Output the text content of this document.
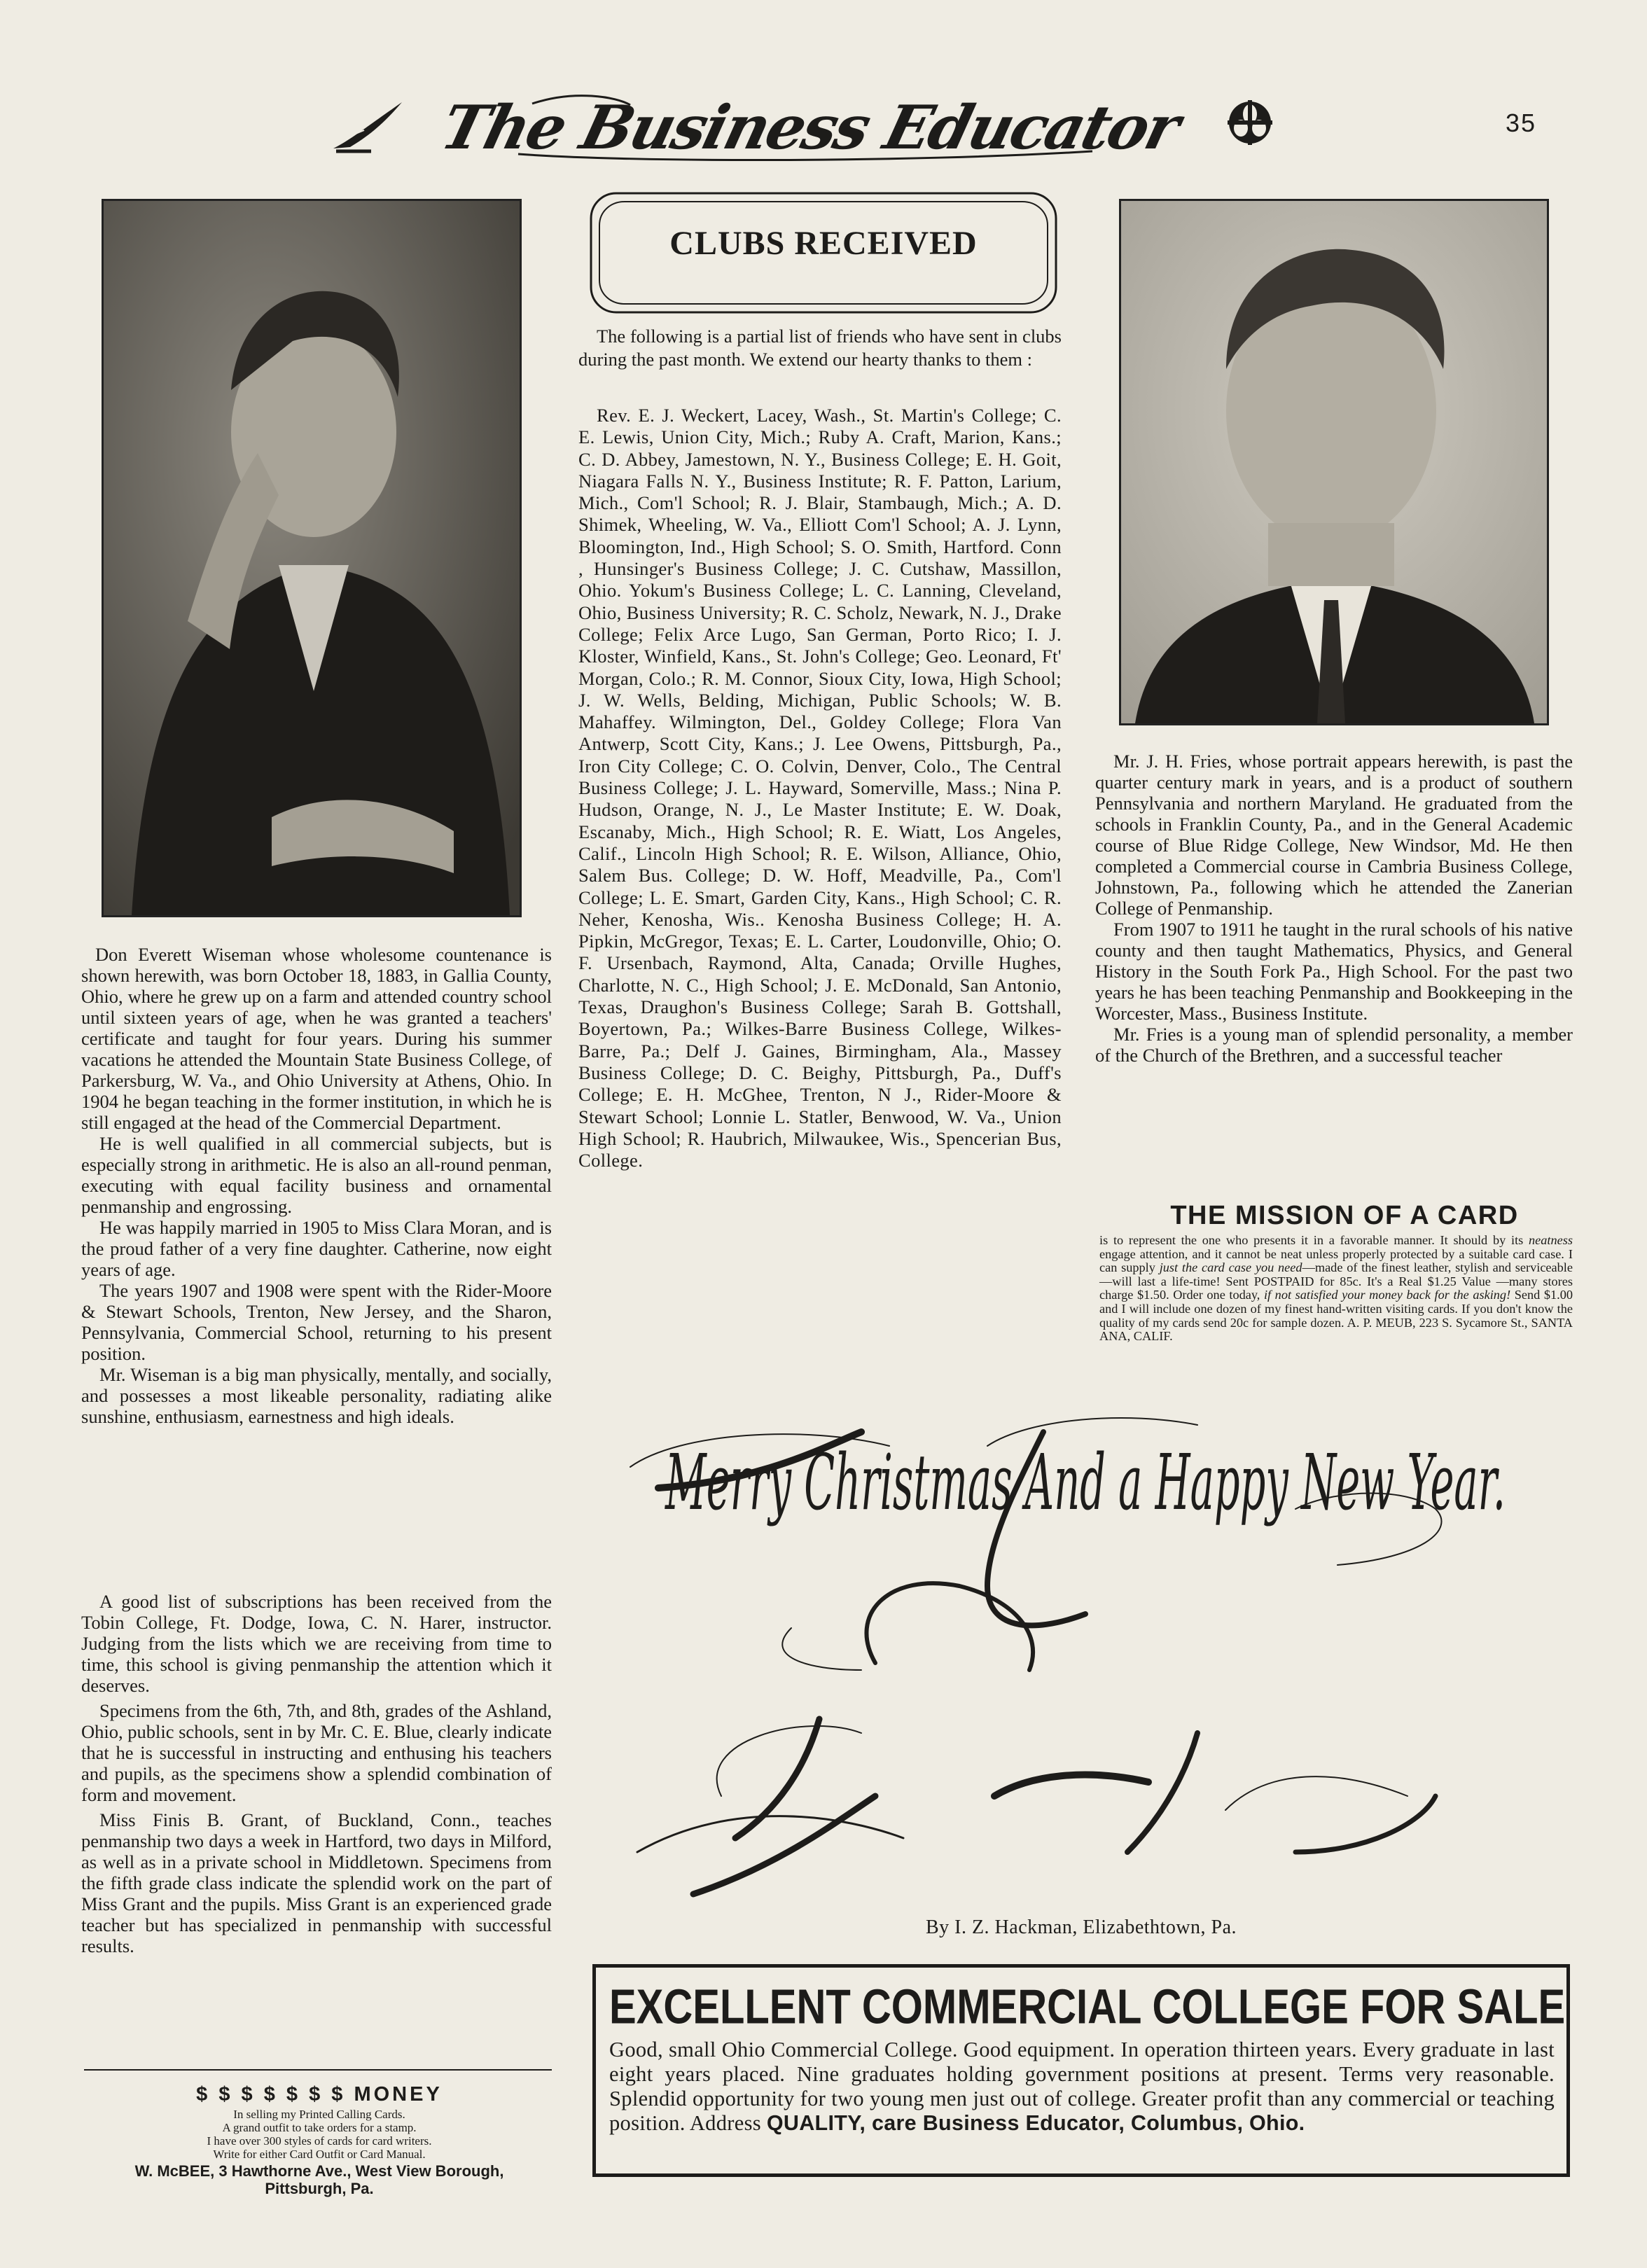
The Business Educator	35

Don Everett Wiseman whose wholesome countenance is shown herewith, was born October 18, 1883, in Gallia County, Ohio, where he grew up on a farm and attended country school until sixteen years of age, when he was granted a teachers' certificate and taught for four years. During his summer vacations he attended the Mountain State Business College, of Parkersburg, W. Va., and Ohio University at Athens, Ohio. In 1904 he began teaching in the former institution, in which he is still engaged at the head of the Commercial Department.

He is well qualified in all commercial subjects, but is especially strong in arithmetic. He is also an all-round penman, executing with equal facility business and ornamental penmanship and engrossing.

He was happily married in 1905 to Miss Clara Moran, and is the proud father of a very fine daughter. Catherine, now eight years of age.

The years 1907 and 1908 were spent with the Rider-Moore & Stewart Schools, Trenton, New Jersey, and the Sharon, Pennsylvania, Commercial School, returning to his present position.

Mr. Wiseman is a big man physically, mentally, and socially, and possesses a most likeable personality, radiating alike sunshine, enthusiasm, earnestness and high ideals.

A good list of subscriptions has been received from the Tobin College, Ft. Dodge, Iowa, C. N. Harer, instructor. Judging from the lists which we are receiving from time to time, this school is giving penmanship the attention which it deserves.

Specimens from the 6th, 7th, and 8th, grades of the Ashland, Ohio, public schools, sent in by Mr. C. E. Blue, clearly indicate that he is successful in instructing and enthusing his teachers and pupils, as the specimens show a splendid combination of form and movement.

Miss Finis B. Grant, of Buckland, Conn., teaches penmanship two days a week in Hartford, two days in Milford, as well as in a private school in Middletown. Specimens from the fifth grade class indicate the splendid work on the part of Miss Grant and the pupils. Miss Grant is an experienced grade teacher but has specialized in penmanship with successful results.

$ $ $ $ $ $ $ MONEY
In selling my Printed Calling Cards.
A grand outfit to take orders for a stamp.
I have over 300 styles of cards for card writers.
Write for either Card Outfit or Card Manual.
W. McBEE, 3 Hawthorne Ave., West View Borough,
Pittsburgh, Pa.
CLUBS RECEIVED

The following is a partial list of friends who have sent in clubs during the past month. We extend our hearty thanks to them :

Rev. E. J. Weckert, Lacey, Wash., St. Martin's College; C. E. Lewis, Union City, Mich.; Ruby A. Craft, Marion, Kans.; C. D. Abbey, Jamestown, N. Y., Business College; E. H. Goit, Niagara Falls N. Y., Business Institute; R. F. Patton, Larium, Mich., Com'l School; R. J. Blair, Stambaugh, Mich.; A. D. Shimek, Wheeling, W. Va., Elliott Com'l School; A. J. Lynn, Bloomington, Ind., High School; S. O. Smith, Hartford. Conn , Hunsinger's Business College; J. C. Cutshaw, Massillon, Ohio. Yokum's Business College; L. C. Lanning, Cleveland, Ohio, Business University; R. C. Scholz, Newark, N. J., Drake College; Felix Arce Lugo, San German, Porto Rico; I. J. Kloster, Winfield, Kans., St. John's College; Geo. Leonard, Ft' Morgan, Colo.; R. M. Connor, Sioux City, Iowa, High School; J. W. Wells, Belding, Michigan, Public Schools; W. B. Mahaffey. Wilmington, Del., Goldey College; Flora Van Antwerp, Scott City, Kans.; J. Lee Owens, Pittsburgh, Pa., Iron City College; C. O. Colvin, Denver, Colo., The Central Business College; J. L. Hayward, Somerville, Mass.; Nina P. Hudson, Orange, N. J., Le Master Institute; E. W. Doak, Escanaby, Mich., High School; R. E. Wiatt, Los Angeles, Calif., Lincoln High School; R. E. Wilson, Alliance, Ohio, Salem Bus. College; D. W. Hoff, Meadville, Pa., Com'l College; L. E. Smart, Garden City, Kans., High School; C. R. Neher, Kenosha, Wis.. Kenosha Business College; H. A. Pipkin, McGregor, Texas; E. L. Carter, Loudonville, Ohio; O. F. Ursenbach, Raymond, Alta, Canada; Orville Hughes, Charlotte, N. C., High School; J. E. McDonald, San Antonio, Texas, Draughon's Business College; Sarah B. Gottshall, Boyertown, Pa.; Wilkes-Barre Business College, Wilkes-Barre, Pa.; Delf J. Gaines, Birmingham, Ala., Massey Business College; D. C. Beighy, Pittsburgh, Pa., Duff's College; E. H. McGhee, Trenton, N J., Rider-Moore & Stewart School; Lonnie L. Statler, Benwood, W. Va., Union High School; R. Haubrich, Milwaukee, Wis., Spencerian Bus, College.

Mr. J. H. Fries, whose portrait appears herewith, is past the quarter century mark in years, and is a product of southern Pennsylvania and northern Maryland. He graduated from the schools in Franklin County, Pa., and in the General Academic course of Blue Ridge College, New Windsor, Md. He then completed a Commercial course in Cambria Business College, Johnstown, Pa., following which he attended the Zanerian College of Penmanship.

From 1907 to 1911 he taught in the rural schools of his native county and then taught Mathematics, Physics, and General History in the South Fork Pa., High School. For the past two years he has been teaching Penmanship and Bookkeeping in the Worcester, Mass., Business Institute.

Mr. Fries is a young man of splendid personality, a member of the Church of the Brethren, and a successful teacher

THE MISSION OF A CARD

is to represent the one who presents it in a favorable manner. It should by its neatness engage attention, and it cannot be neat unless properly protected by a suitable card case. I can supply just the card case you need—made of the finest leather, stylish and serviceable—will last a life-time! Sent POSTPAID for 85c. It's a Real $1.25 Value —many stores charge $1.50. Order one today, if not satisfied your money back for the asking! Send $1.00 and I will include one dozen of my finest hand-written visiting cards. If you don't know the quality of my cards send 20c for sample dozen. A. P. MEUB, 223 S. Sycamore St., SANTA ANA, CALIF.

Merry Christmas And a Happy New Year.
By I. Z. Hackman, Elizabethtown, Pa.
EXCELLENT COMMERCIAL COLLEGE FOR SALE

Good, small Ohio Commercial College. Good equipment. In operation thirteen years. Every graduate in last eight years placed. Nine graduates holding government positions at present. Terms very reasonable. Splendid opportunity for two young men just out of college. Greater profit than any commercial or teaching position. Address QUALITY, care Business Educator, Columbus, Ohio.
